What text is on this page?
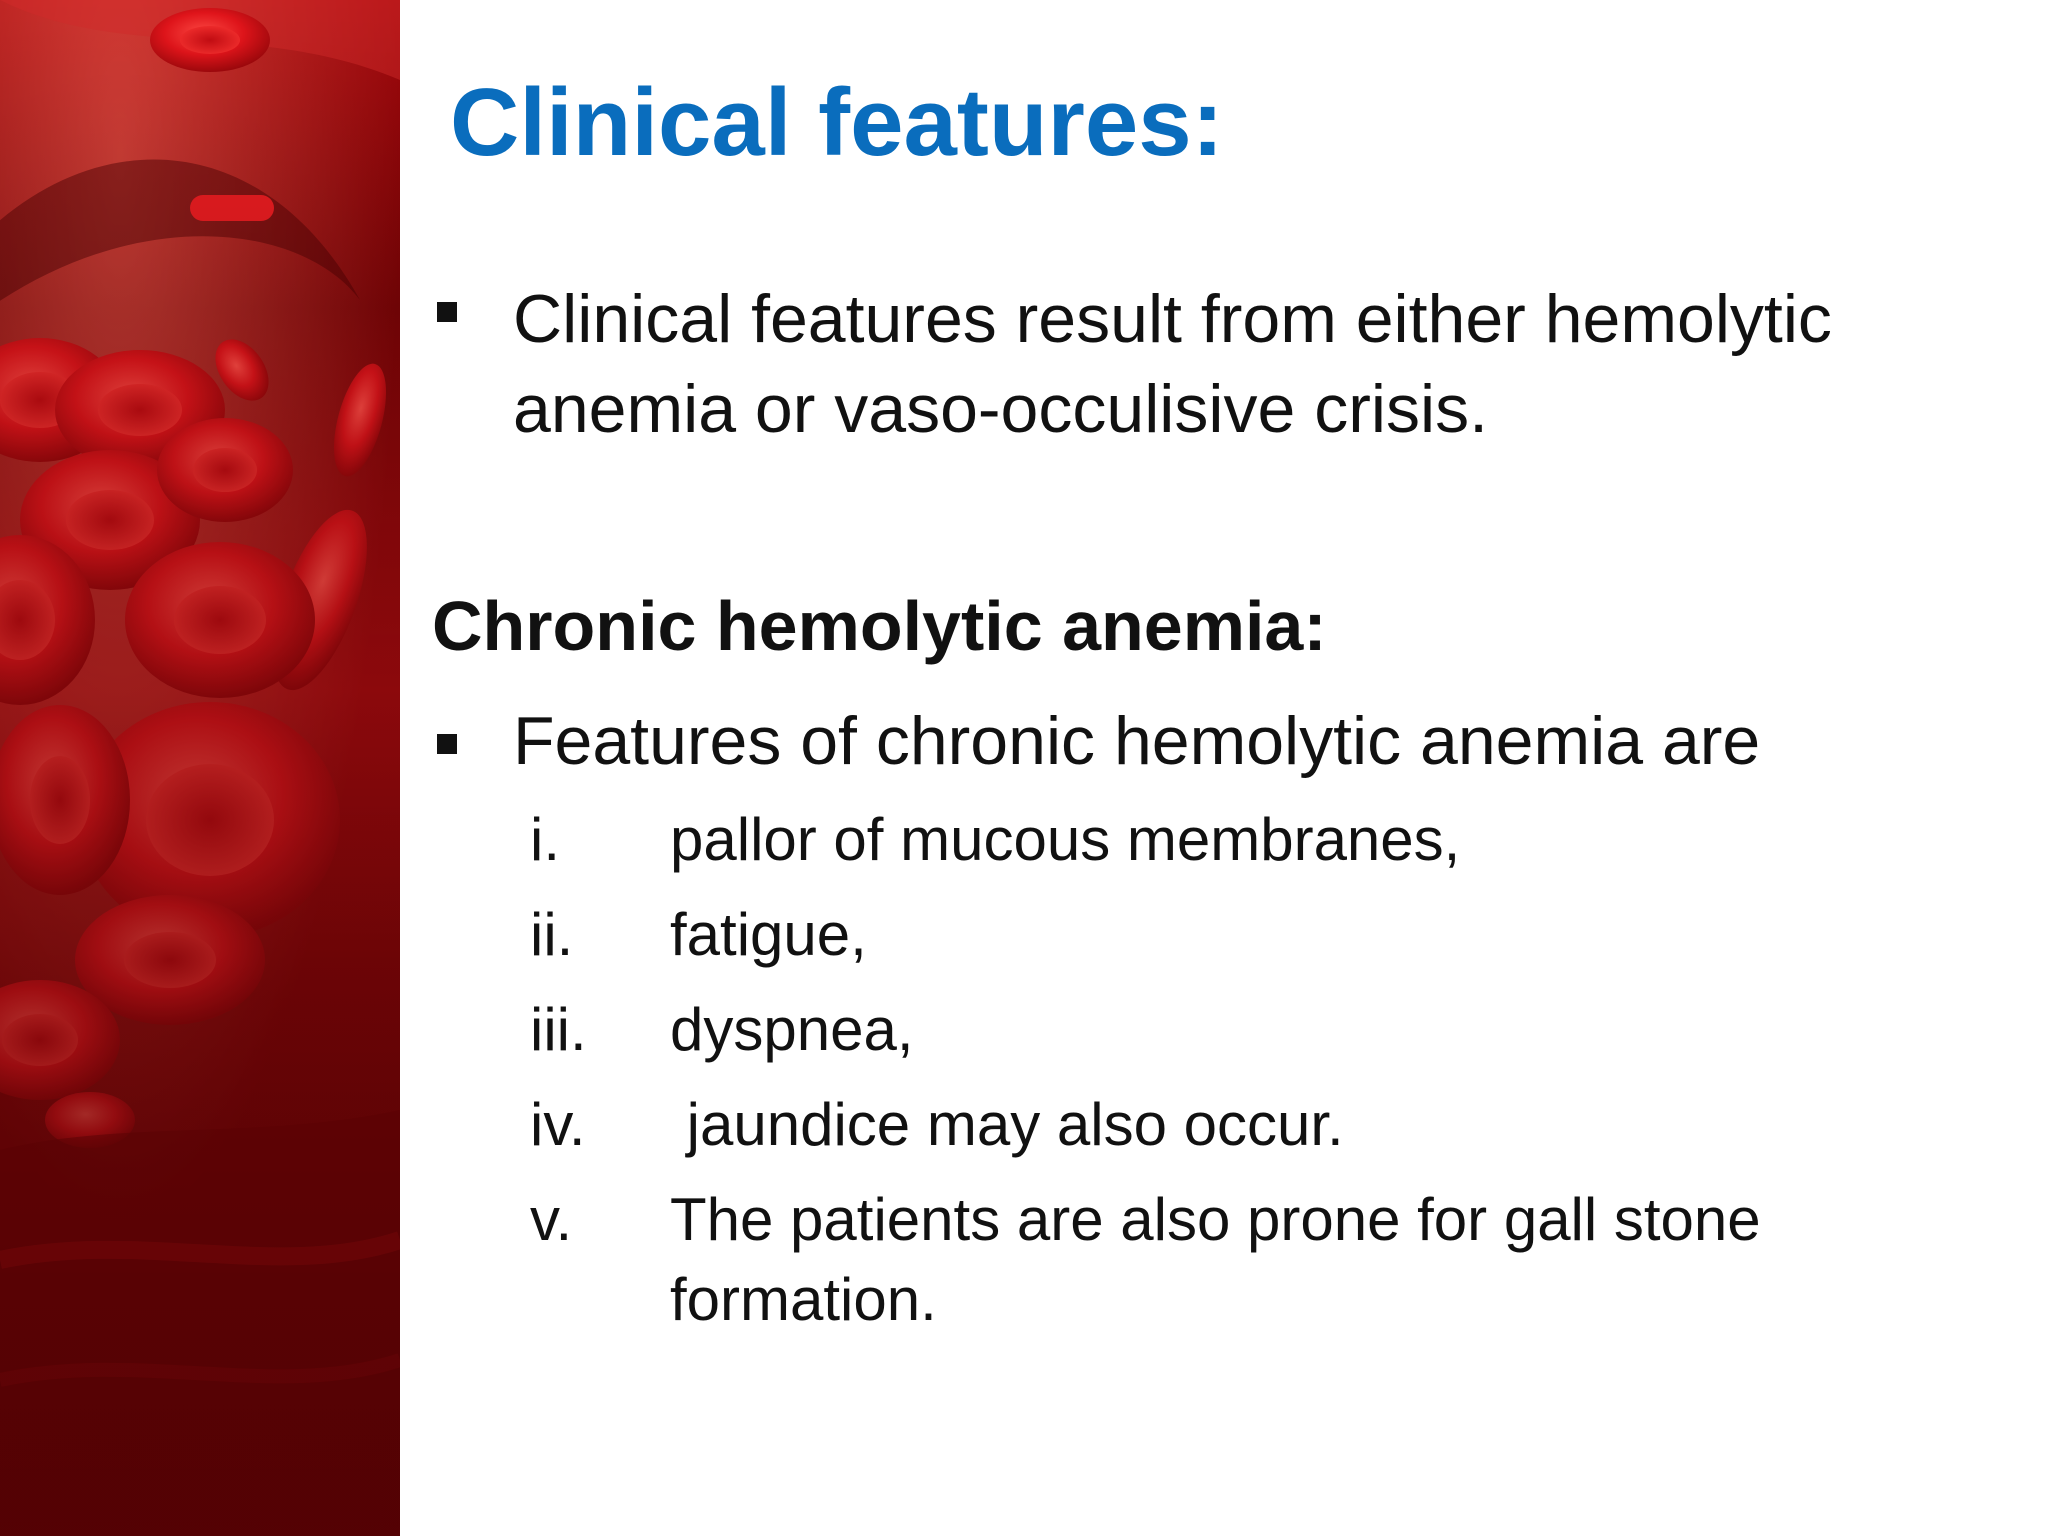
Clinical features:
Clinical features result from either hemolytic anemia or vaso-occulisive crisis.
Chronic hemolytic anemia:
Features of chronic hemolytic anemia are
i.	pallor of mucous membranes,
ii.	fatigue,
iii.	dyspnea,
iv.	jaundice may also occur.
v.	The patients are also prone for gall stone formation.
